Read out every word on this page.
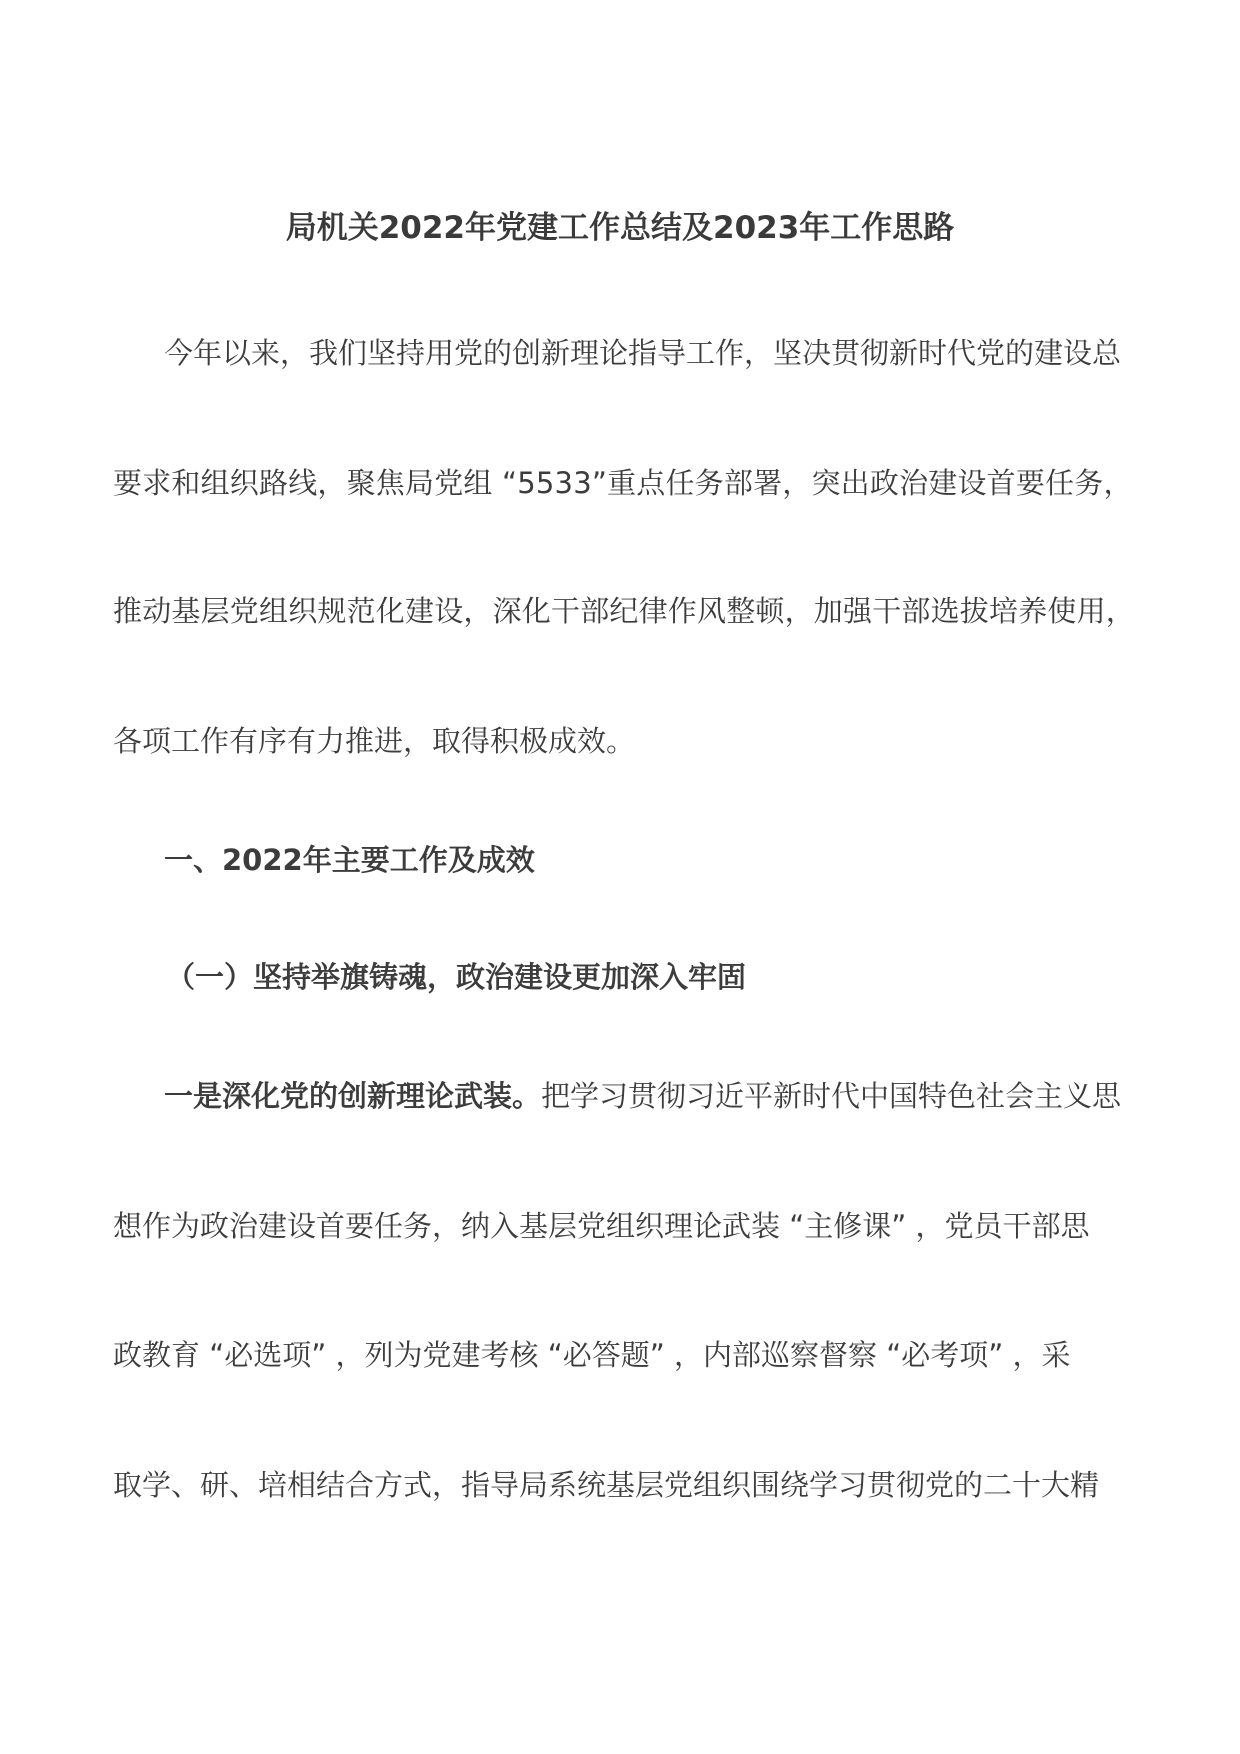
局机关2022年党建工作总结及2023年工作思路
今年以来，我们坚持用党的创新理论指导工作，坚决贯彻新时代党的建设总
要求和组织路线，聚焦局党组 “5533”重点任务部署，突出政治建设首要任务，
推动基层党组织规范化建设，深化干部纪律作风整顿，加强干部选拔培养使用，
各项工作有序有力推进，取得积极成效。
一、2022年主要工作及成效
（一）坚持举旗铸魂，政治建设更加深入牢固
一是深化党的创新理论武装。把学习贯彻习近平新时代中国特色社会主义思
想作为政治建设首要任务，纳入基层党组织理论武装 “主修课” ，党员干部思
政教育 “必选项” ，列为党建考核 “必答题” ，内部巡察督察 “必考项” ，采
取学、研、培相结合方式，指导局系统基层党组织围绕学习贯彻党的二十大精
